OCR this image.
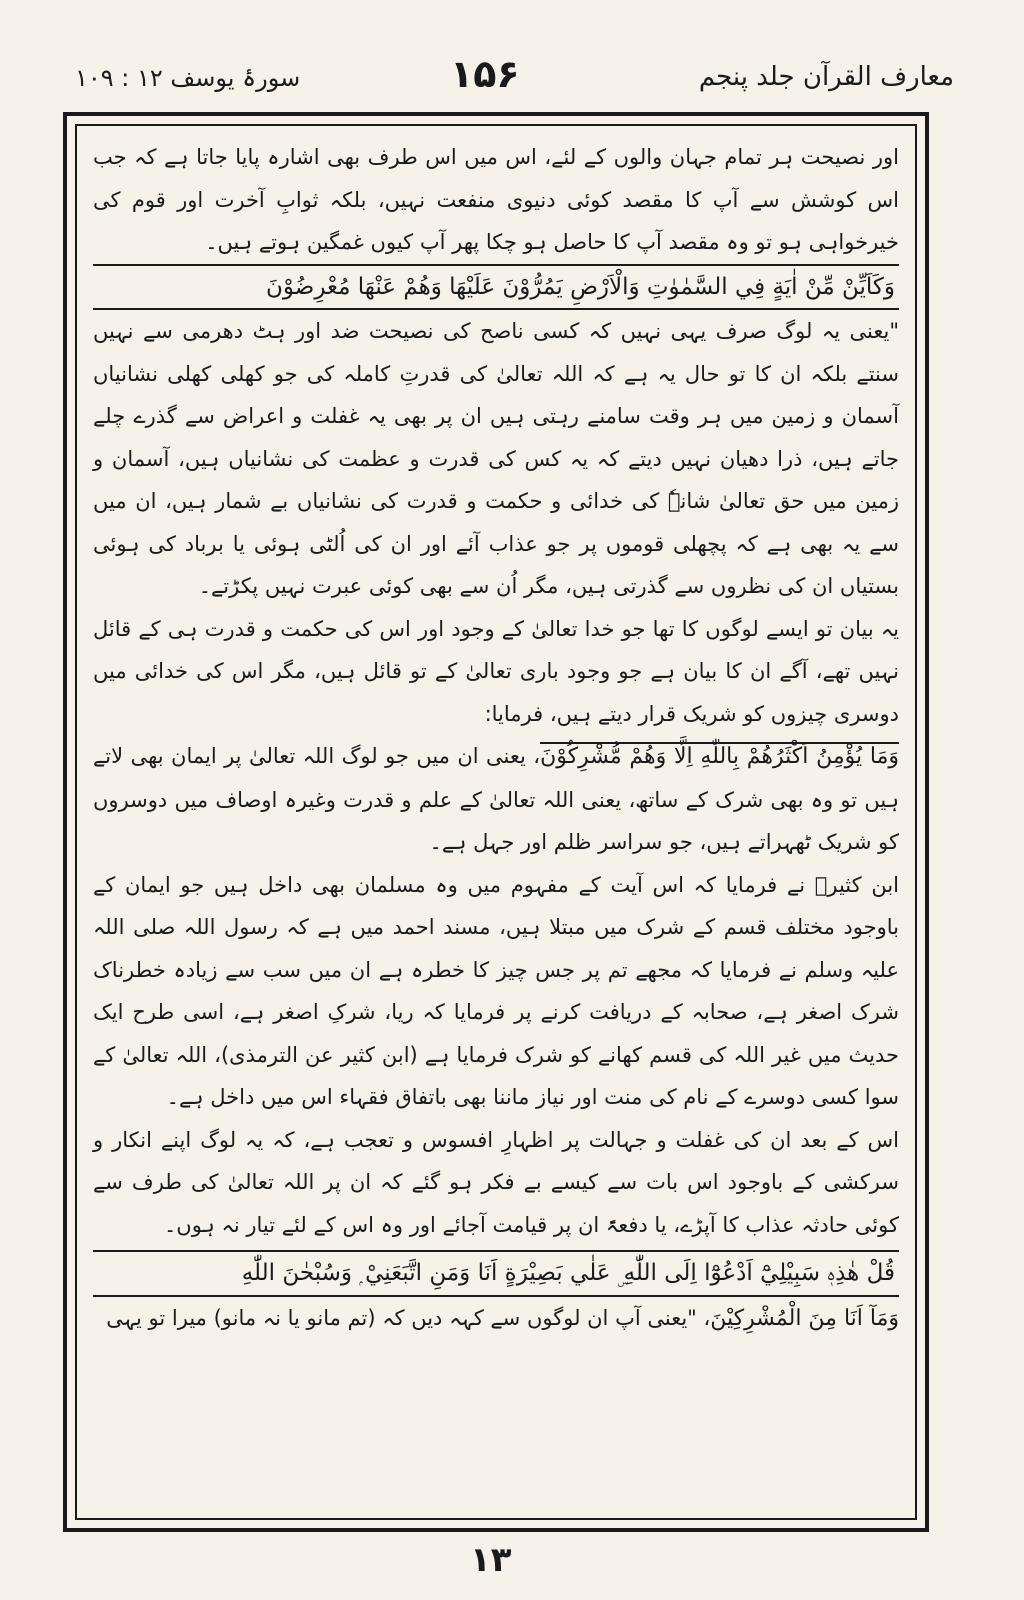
معارف القرآن جلد پنجم
۱۵۶
سورۂ یوسف ۱۲ : ۱۰۹

اور نصیحت ہر تمام جہان والوں کے لئے، اس میں اس طرف بھی اشارہ پایا جاتا ہے کہ جب اس کوشش سے آپ کا مقصد کوئی دنیوی منفعت نہیں، بلکہ ثوابِ آخرت اور قوم کی خیرخواہی ہو تو وہ مقصد آپ کا حاصل ہو چکا پھر آپ کیوں غمگین ہوتے ہیں۔

وَكَاَيِّنْ مِّنْ اٰيَةٍ فِي السَّمٰوٰتِ وَالْاَرْضِ يَمُرُّوْنَ عَلَيْهَا وَهُمْ عَنْهَا مُعْرِضُوْنَ

"یعنی یہ لوگ صرف یہی نہیں کہ کسی ناصح کی نصیحت ضد اور ہٹ دھرمی سے نہیں سنتے بلکہ ان کا تو حال یہ ہے کہ اللہ تعالیٰ کی قدرتِ کاملہ کی جو کھلی کھلی نشانیاں آسمان و زمین میں ہر وقت سامنے رہتی ہیں ان پر بھی یہ غفلت و اعراض سے گذرے چلے جاتے ہیں، ذرا دھیان نہیں دیتے کہ یہ کس کی قدرت و عظمت کی نشانیاں ہیں، آسمان و زمین میں حق تعالیٰ شانہٗ کی خدائی و حکمت و قدرت کی نشانیاں بے شمار ہیں، ان میں سے یہ بھی ہے کہ پچھلی قوموں پر جو عذاب آئے اور ان کی اُلٹی ہوئی یا برباد کی ہوئی بستیاں ان کی نظروں سے گذرتی ہیں، مگر اُن سے بھی کوئی عبرت نہیں پکڑتے۔

یہ بیان تو ایسے لوگوں کا تھا جو خدا تعالیٰ کے وجود اور اس کی حکمت و قدرت ہی کے قائل نہیں تھے، آگے ان کا بیان ہے جو وجود باری تعالیٰ کے تو قائل ہیں، مگر اس کی خدائی میں دوسری چیزوں کو شریک قرار دیتے ہیں، فرمایا:

وَمَا يُؤْمِنُ اَكْثَرُهُمْ بِاللّٰهِ اِلَّا وَهُمْ مُّشْرِكُوْنَ، یعنی ان میں جو لوگ اللہ تعالیٰ پر ایمان بھی لاتے ہیں تو وہ بھی شرک کے ساتھ، یعنی اللہ تعالیٰ کے علم و قدرت وغیرہ اوصاف میں دوسروں کو شریک ٹھہراتے ہیں، جو سراسر ظلم اور جہل ہے۔

ابن کثیرؒ نے فرمایا کہ اس آیت کے مفہوم میں وہ مسلمان بھی داخل ہیں جو ایمان کے باوجود مختلف قسم کے شرک میں مبتلا ہیں، مسند احمد میں ہے کہ رسول اللہ صلی اللہ علیہ وسلم نے فرمایا کہ مجھے تم پر جس چیز کا خطرہ ہے ان میں سب سے زیادہ خطرناک شرک اصغر ہے، صحابہ کے دریافت کرنے پر فرمایا کہ ریا، شرکِ اصغر ہے، اسی طرح ایک حدیث میں غیر اللہ کی قسم کھانے کو شرک فرمایا ہے (ابن کثیر عن الترمذی)، اللہ تعالیٰ کے سوا کسی دوسرے کے نام کی منت اور نیاز ماننا بھی باتفاق فقہاء اس میں داخل ہے۔

اس کے بعد ان کی غفلت و جہالت پر اظہارِ افسوس و تعجب ہے، کہ یہ لوگ اپنے انکار و سرکشی کے باوجود اس بات سے کیسے بے فکر ہو گئے کہ ان پر اللہ تعالیٰ کی طرف سے کوئی حادثہ عذاب کا آپڑے، یا دفعۃً ان پر قیامت آجائے اور وہ اس کے لئے تیار نہ ہوں۔

قُلْ هٰذِهٖ سَبِيْلِيْٓ اَدْعُوْٓا اِلَى اللّٰهِ ۣ عَلٰي بَصِيْرَةٍ اَنَا وَمَنِ اتَّبَعَنِيْ ۭ وَسُبْحٰنَ اللّٰهِ

وَمَآ اَنَا مِنَ الْمُشْرِكِيْنَ، "یعنی آپ ان لوگوں سے کہہ دیں کہ (تم مانو یا نہ مانو) میرا تو یہی

۱۳
